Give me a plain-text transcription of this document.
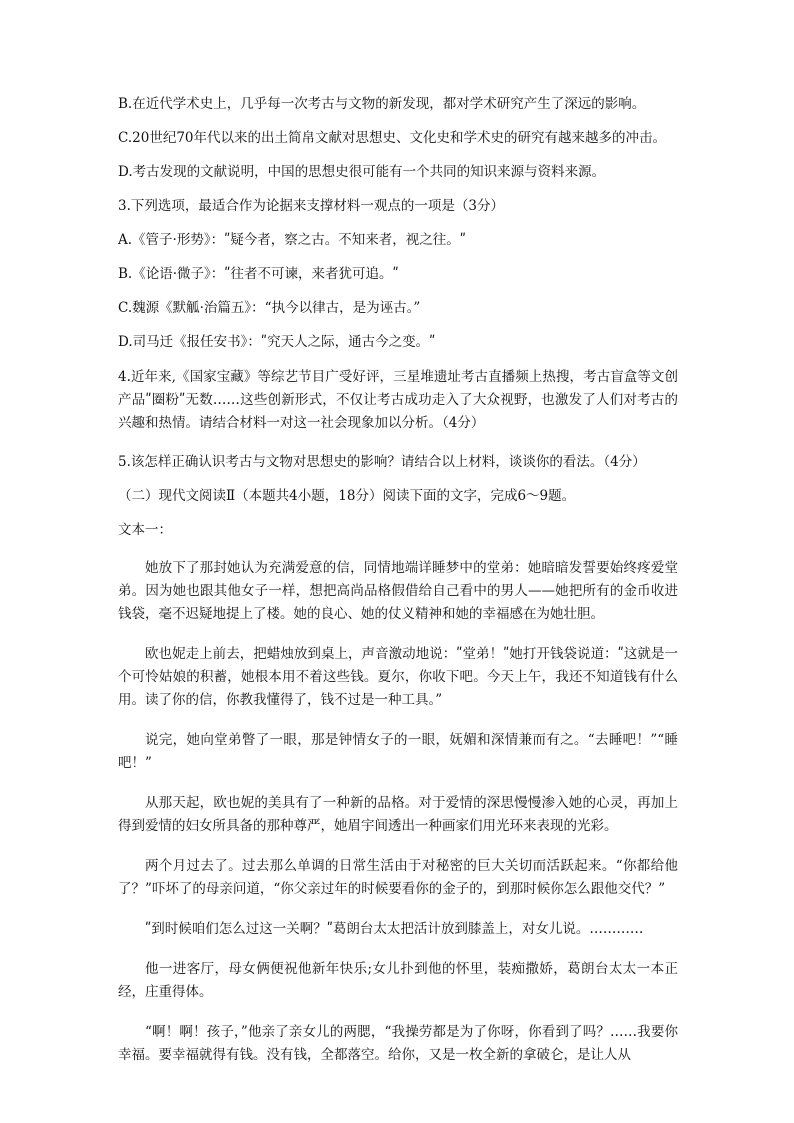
B.在近代学术史上，几乎每一次考古与文物的新发现，都对学术研究产生了深远的影响。

C.20世纪70年代以来的出土简帛文献对思想史、文化史和学术史的研究有越来越多的冲击。

D.考古发现的文献说明，中国的思想史很可能有一个共同的知识来源与资料来源。

3.下列选项，最适合作为论据来支撑材料一观点的一项是（3分）

A.《管子·形势》：ʺ疑今者，察之古。不知来者，视之往。ʺ

B.《论语·微子》：ʺ往者不可谏，来者犹可追。ʺ

C.魏源《默觚·治篇五》：“执今以律古，是为诬古。”

D.司马迁《报任安书》：ʺ究天人之际，通古今之变。ʺ

4.近年来,《国家宝藏》等综艺节目广受好评，三星堆遗址考古直播频上热搜，考古盲盒等文创产品ʺ圈粉ʺ无数……这些创新形式，不仅让考古成功走入了大众视野，也激发了人们对考古的兴趣和热情。请结合材料一对这一社会现象加以分析。（4分）

5.该怎样正确认识考古与文物对思想史的影响？请结合以上材料，谈谈你的看法。（4分）

（二）现代文阅读Ⅱ（本题共4小题，18分）阅读下面的文字，完成6～9题。

文本一：

她放下了那封她认为充满爱意的信，同情地端详睡梦中的堂弟：她暗暗发誓要始终疼爱堂弟。因为她也跟其他女子一样，想把高尚品格假借给自己看中的男人——她把所有的金币收进钱袋，毫不迟疑地提上了楼。她的良心、她的仗义精神和她的幸福感在为她壮胆。

欧也妮走上前去，把蜡烛放到桌上，声音激动地说：ʺ堂弟！ʺ她打开钱袋说道：ʺ这就是一个可怜姑娘的积蓄，她根本用不着这些钱。夏尔，你收下吧。今天上午，我还不知道钱有什么用。读了你的信，你教我懂得了，钱不过是一种工具。”

说完，她向堂弟瞥了一眼，那是钟情女子的一眼，妩媚和深情兼而有之。“去睡吧！”“睡吧！”

从那天起，欧也妮的美具有了一种新的品格。对于爱情的深思慢慢渗入她的心灵，再加上得到爱情的妇女所具备的那种尊严，她眉宇间透出一种画家们用光环来表现的光彩。

两个月过去了。过去那么单调的日常生活由于对秘密的巨大关切而活跃起来。“你都给他了？”吓坏了的母亲问道，“你父亲过年的时候要看你的金子的，到那时候你怎么跟他交代？”

ʺ到时候咱们怎么过这一关啊？ʺ葛朗台太太把活计放到膝盖上，对女儿说。…………

他一进客厅，母女俩便祝他新年快乐;女儿扑到他的怀里，装痴撒娇，葛朗台太太一本正经，庄重得体。

“啊！啊！孩子，”他亲了亲女儿的两腮，“我操劳都是为了你呀，你看到了吗？……我要你幸福。要幸福就得有钱。没有钱，全都落空。给你，又是一枚全新的拿破仑，是让人从
